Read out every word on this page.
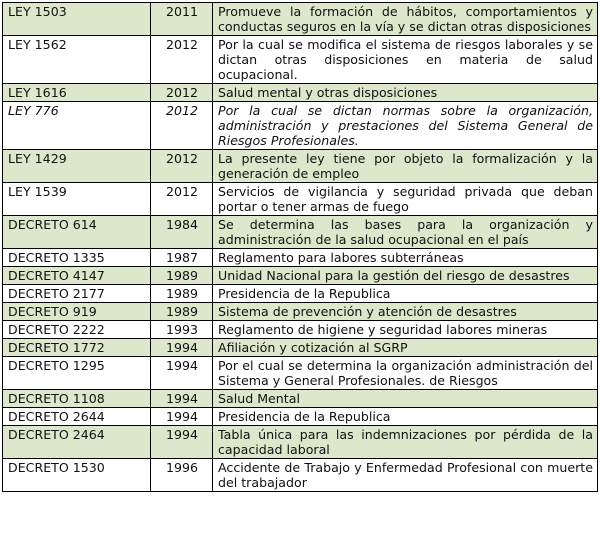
LEY 1503	2011	Promueve la formación de hábitos, comportamientos y conductas seguros en la vía y se dictan otras disposiciones
LEY 1562	2012	Por la cual se modifica el sistema de riesgos laborales y se dictan otras disposiciones en materia de salud ocupacional.
LEY 1616	2012	Salud mental y otras disposiciones
LEY 776	2012	Por la cual se dictan normas sobre la organización, administración y prestaciones del Sistema General de Riesgos Profesionales.
LEY 1429	2012	La presente ley tiene por objeto la formalización y la generación de empleo
LEY 1539	2012	Servicios de vigilancia y seguridad privada que deban portar o tener armas de fuego
DECRETO 614	1984	Se determina las bases para la organización y administración de la salud ocupacional en el país
DECRETO 1335	1987	Reglamento para labores subterráneas
DECRETO 4147	1989	Unidad Nacional para la gestión del riesgo de desastres
DECRETO 2177	1989	Presidencia de la Republica
DECRETO 919	1989	Sistema de prevención y atención de desastres
DECRETO 2222	1993	Reglamento de higiene y seguridad labores mineras
DECRETO 1772	1994	Afiliación y cotización al SGRP
DECRETO 1295	1994	Por el cual se determina la organización administración del Sistema y General Profesionales. de Riesgos
DECRETO 1108	1994	Salud Mental
DECRETO 2644	1994	Presidencia de la Republica
DECRETO 2464	1994	Tabla única para las indemnizaciones por pérdida de la capacidad laboral
DECRETO 1530	1996	Accidente de Trabajo y Enfermedad Profesional con muerte del trabajador
